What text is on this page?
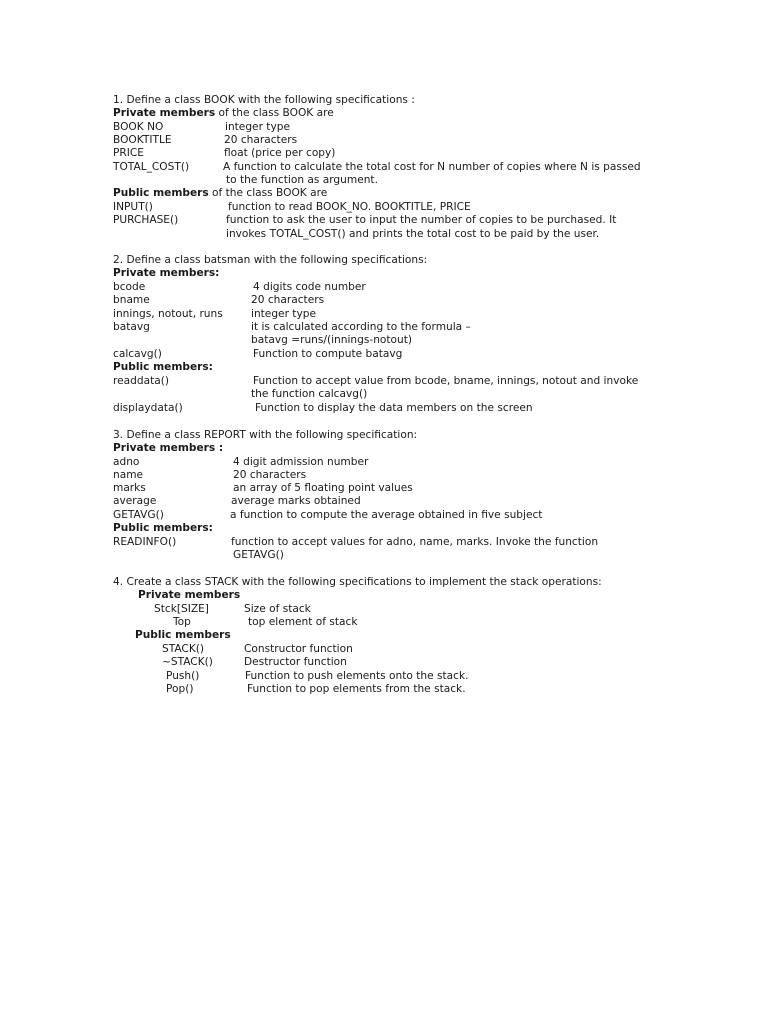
1. Define a class BOOK with the following specifications :
Private members of the class BOOK are
BOOK NO	integer type
BOOKTITLE	20 characters
PRICE	float (price per copy)
TOTAL_COST()	A function to calculate the total cost for N number of copies where N is passed
to the function as argument.
Public members of the class BOOK are
INPUT()	function to read BOOK_NO. BOOKTITLE, PRICE
PURCHASE()	function to ask the user to input the number of copies to be purchased. It
invokes TOTAL_COST() and prints the total cost to be paid by the user.
2. Define a class batsman with the following specifications:
Private members:
bcode	4 digits code number
bname	20 characters
innings, notout, runs	integer type
batavg	it is calculated according to the formula –
batavg =runs/(innings-notout)
calcavg()	Function to compute batavg
Public members:
readdata()	Function to accept value from bcode, bname, innings, notout and invoke
the function calcavg()
displaydata()	Function to display the data members on the screen
3. Define a class REPORT with the following specification:
Private members :
adno	4 digit admission number
name	20 characters
marks	an array of 5 floating point values
average	average marks obtained
GETAVG()	a function to compute the average obtained in five subject
Public members:
READINFO()	function to accept values for adno, name, marks. Invoke the function
GETAVG()
4. Create a class STACK with the following specifications to implement the stack operations:
Private members
Stck[SIZE]	Size of stack
Top	top element of stack
Public members
STACK()	Constructor function
~STACK()	Destructor function
Push()	Function to push elements onto the stack.
Pop()	Function to pop elements from the stack.
